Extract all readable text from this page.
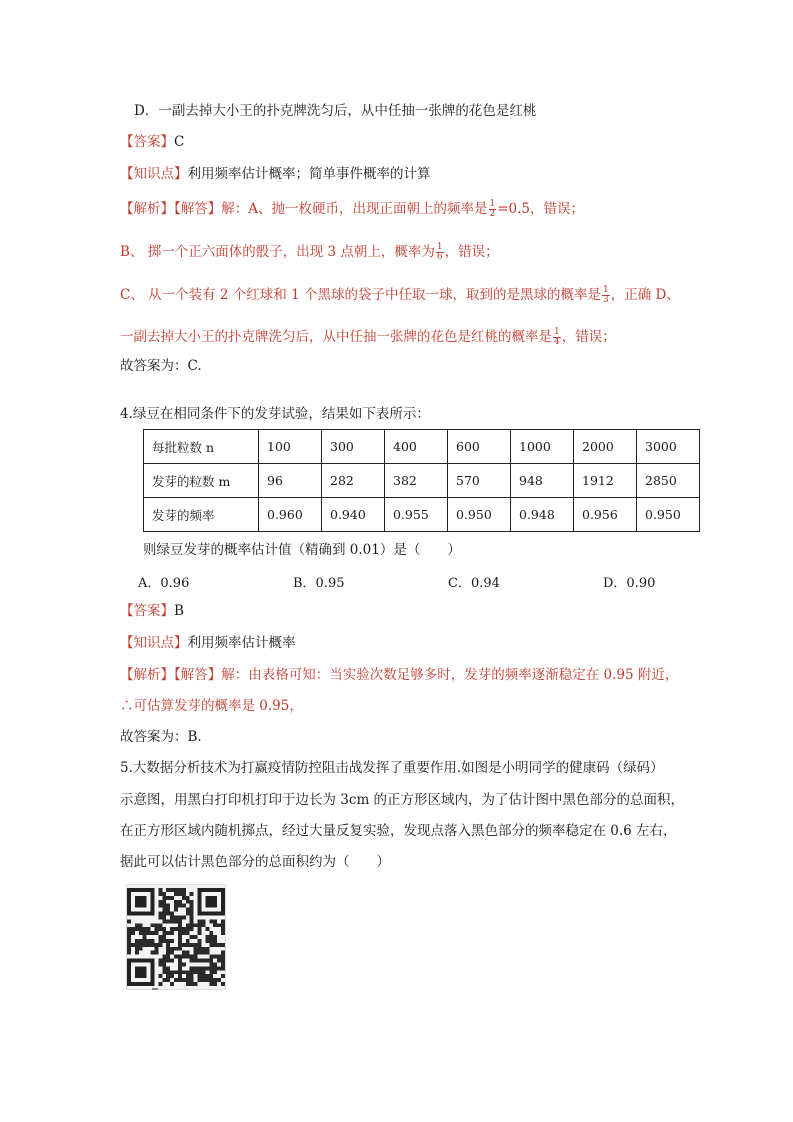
D．一副去掉大小王的扑克牌洗匀后，从中任抽一张牌的花色是红桃
【答案】C
【知识点】利用频率估计概率；简单事件概率的计算
【解析】【解答】解：A、抛一枚硬币，出现正面朝上的频率是 $\frac{1}{2} =0.5$，错误；
B、 掷一个正六面体的骰子，出现 3 点朝上，概率为 $\frac{1}{6}$ ，错误；
C、 从一个装有 2 个红球和 1 个黑球的袋子中任取一球，取到的是黑球的概率是 $\frac{1}{3}$ ，正确 D、
一副去掉大小王的扑克牌洗匀后，从中任抽一张牌的花色是红桃的概率是 $\frac{1}{4}$ ，错误；
故答案为：C.
4.绿豆在相同条件下的发芽试验，结果如下表所示：
每批粒数 n	100	300	400	600	1000	2000	3000
发芽的粒数 m	96	282	382	570	948	1912	2850
发芽的频率	0.960	0.940	0.955	0.950	0.948	0.956	0.950
则绿豆发芽的概率估计值（精确到 0.01）是（　　）
A．0.96	B．0.95	C．0.94	D．0.90
【答案】B
【知识点】利用频率估计概率
【解析】【解答】解：由表格可知：当实验次数足够多时，发芽的频率逐渐稳定在 0.95 附近，
∴可估算发芽的概率是 0.95，
故答案为：B.
5.大数据分析技术为打赢疫情防控阻击战发挥了重要作用.如图是小明同学的健康码（绿码）
示意图，用黑白打印机打印于边长为 3cm 的正方形区域内，为了估计图中黑色部分的总面积，
在正方形区域内随机掷点，经过大量反复实验，发现点落入黑色部分的频率稳定在 0.6 左右，
据此可以估计黑色部分的总面积约为（　　）
